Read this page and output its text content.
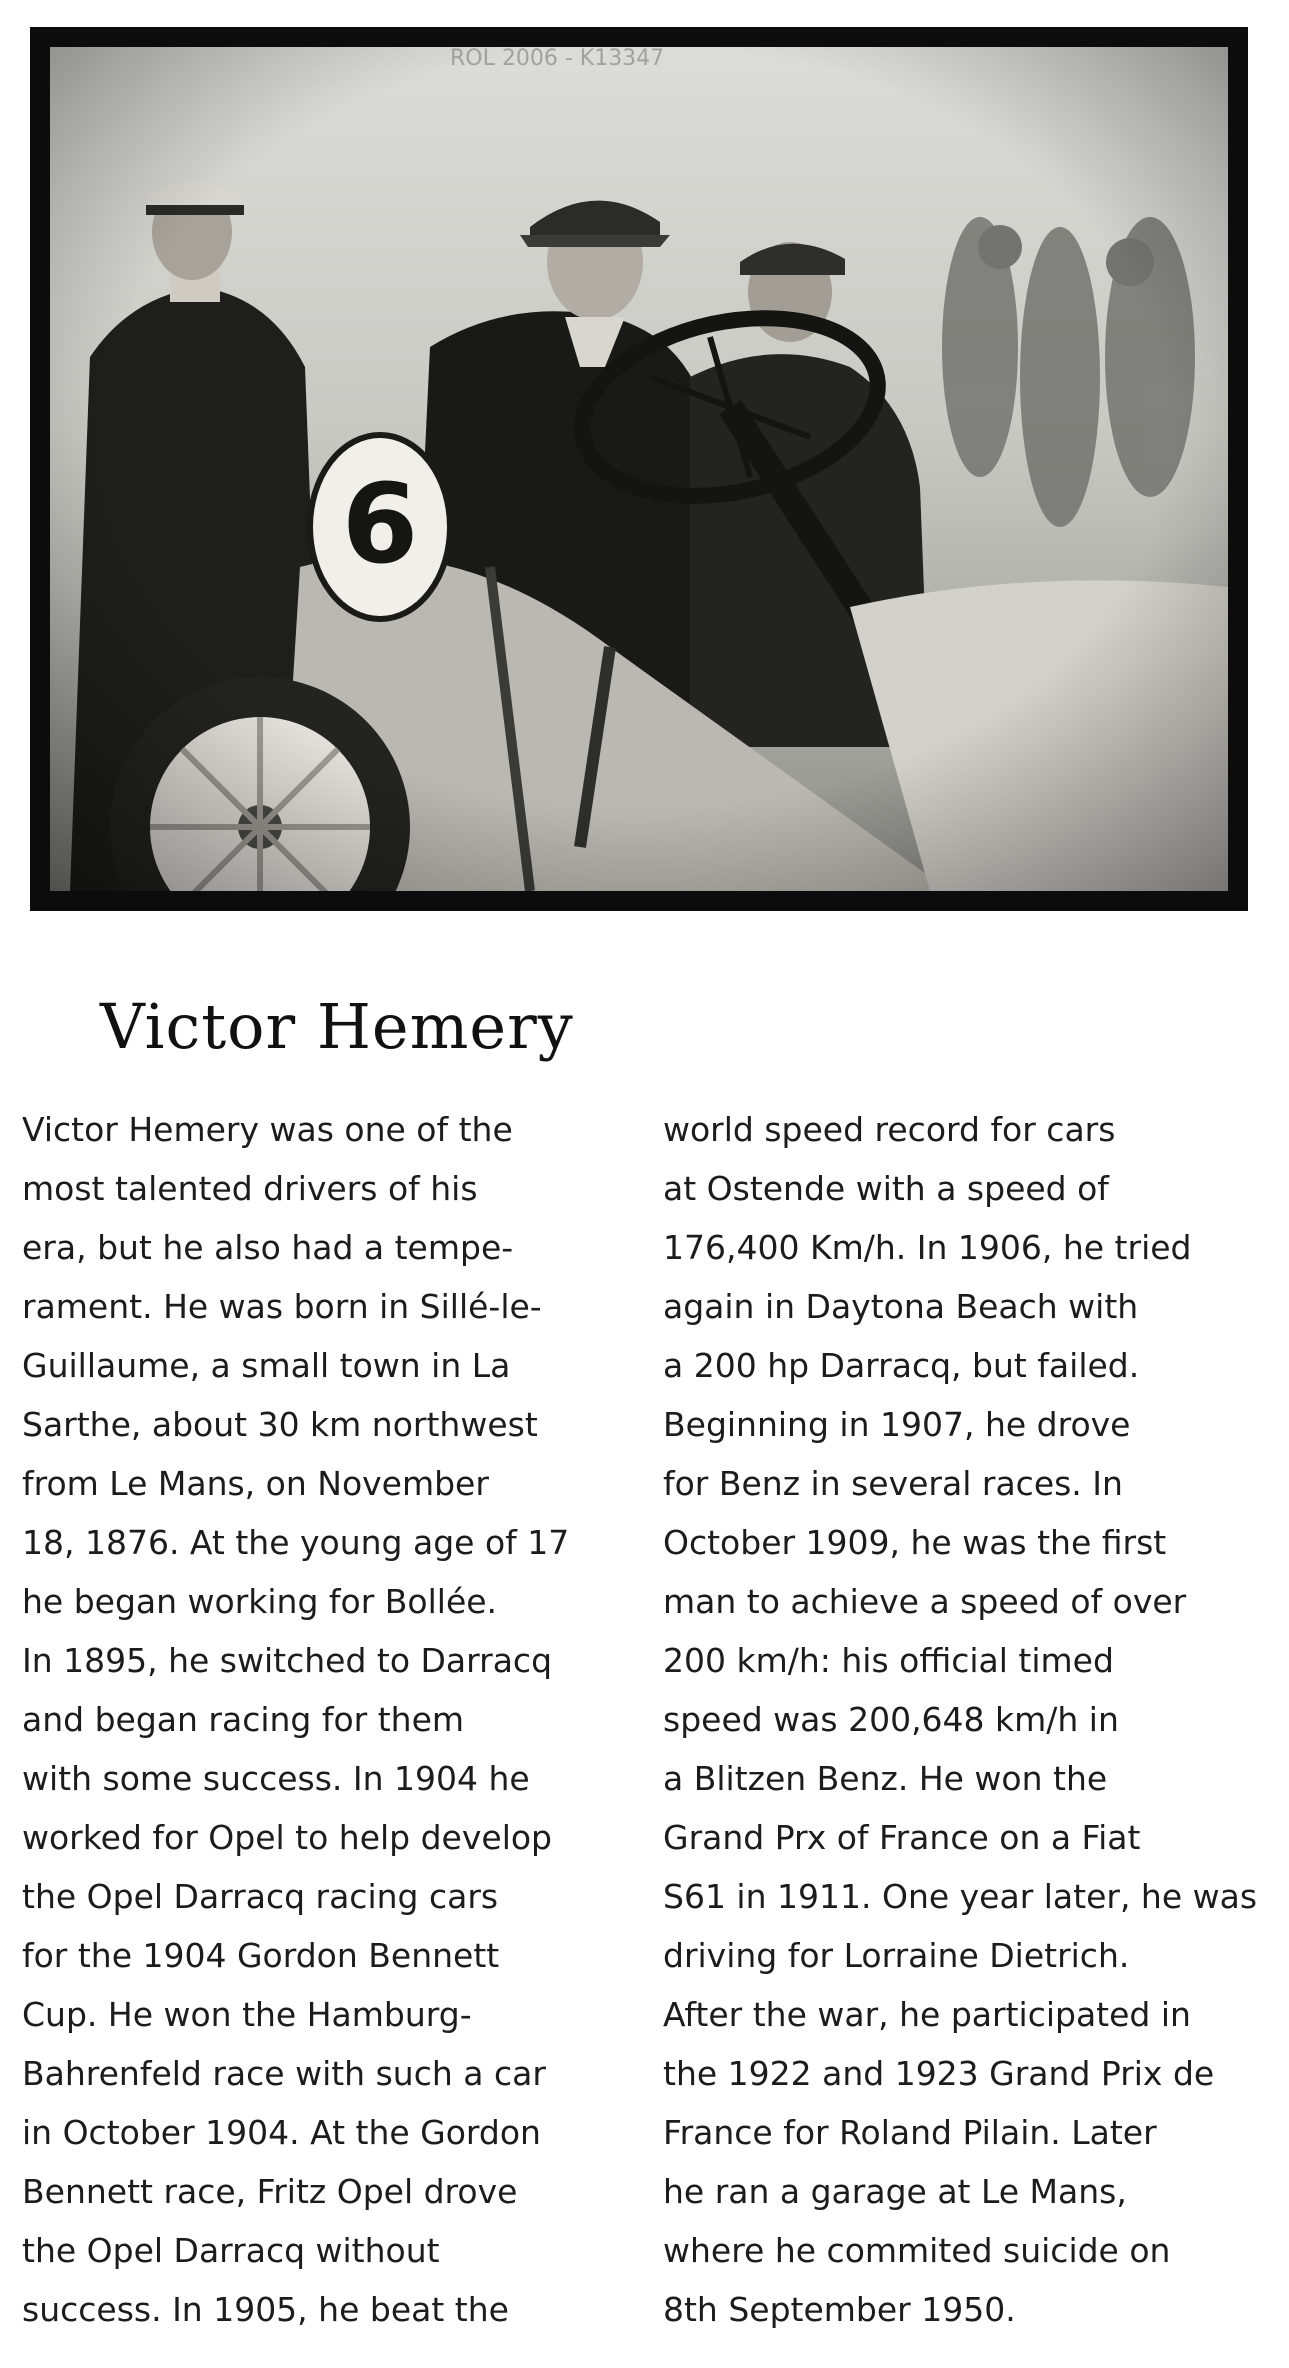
ROL 2006 - K13347
Victor Hemery
Victor Hemery was one of the
most talented drivers of his
era, but he also had a tempe-
rament. He was born in Sillé-le-
Guillaume, a small town in La
Sarthe, about 30 km northwest
from Le Mans, on November
18, 1876. At the young age of 17
he began working for Bollée.
In 1895, he switched to Darracq
and began racing for them
with some success. In 1904 he
worked for Opel to help develop
the Opel Darracq racing cars
for the 1904 Gordon Bennett
Cup. He won the Hamburg-
Bahrenfeld race with such a car
in October 1904. At the Gordon
Bennett race, Fritz Opel drove
the Opel Darracq without
success. In 1905, he beat the
world speed record for cars
at Ostende with a speed of
176,400 Km/h. In 1906, he tried
again in Daytona Beach with
a 200 hp Darracq, but failed.
Beginning in 1907, he drove
for Benz in several races. In
October 1909, he was the first
man to achieve a speed of over
200 km/h: his official timed
speed was 200,648 km/h in
a Blitzen Benz. He won the
Grand Prx of France on a Fiat
S61 in 1911. One year later, he was
driving for Lorraine Dietrich.
After the war, he participated in
the 1922 and 1923 Grand Prix de
France for Roland Pilain. Later
he ran a garage at Le Mans,
where he commited suicide on
8th September 1950.
